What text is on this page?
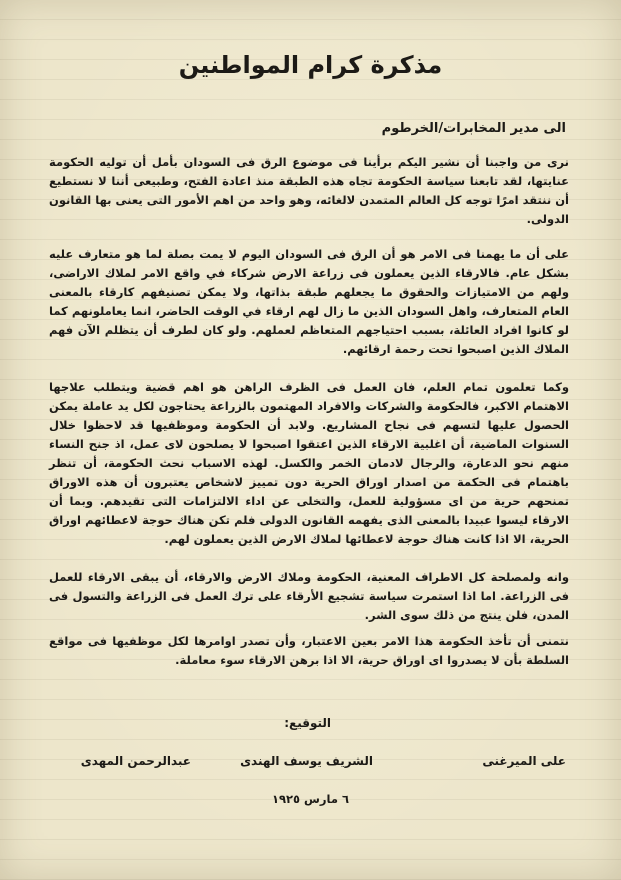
مذكرة كرام المواطنين

الى مدير المخابرات/الخرطوم

نرى من واجبنا أن نشير اليكم برأينا فى موضوع الرق فى السودان بأمل أن توليه الحكومة عنايتها، لقد تابعنا سياسة الحكومة تجاه هذه الطبقة منذ اعادة الفتح، وطبيعى أننا لا نستطيع أن ننتقد امرًا توجه كل العالم المتمدن لالغائه، وهو واحد من اهم الأمور التى يعنى بها القانون الدولى.

على أن ما يهمنا فى الامر هو أن الرق فى السودان اليوم لا يمت بصلة لما هو متعارف عليه بشكل عام. فالارقاء الذين يعملون فى زراعة الارض شركاء في واقع الامر لملاك الاراضى، ولهم من الامتيازات والحقوق ما يجعلهم طبقة بذاتها، ولا يمكن تصنيفهم كارقاء بالمعنى العام المتعارف، واهل السودان الذين ما زال لهم ارقاء في الوقت الحاضر، انما يعاملونهم كما لو كانوا افراد العائلة، بسبب احتياجهم المتعاظم لعملهم. ولو كان لطرف أن يتظلم الآن فهم الملاك الذين اصبحوا تحت رحمة ارقائهم.

وكما تعلمون تمام العلم، فان العمل فى الظرف الراهن هو اهم قضية ويتطلب علاجها الاهتمام الاكبر، فالحكومة والشركات والافراد المهتمون بالزراعة يحتاجون لكل يد عاملة يمكن الحصول عليها لتسهم فى نجاح المشاريع. ولابد أن الحكومة وموظفيها قد لاحظوا خلال السنوات الماضية، أن اغلبية الارقاء الذين اعتقوا اصبحوا لا يصلحون لاى عمل، اذ جنح النساء منهم نحو الدعارة، والرجال لادمان الخمر والكسل. لهذه الاسباب نحث الحكومة، أن تنظر باهتمام فى الحكمة من اصدار اوراق الحرية دون تمييز لاشخاص يعتبرون أن هذه الاوراق تمنحهم حرية من اى مسؤولية للعمل، والتخلى عن اداء الالتزامات التى تقيدهم. وبما أن الارقاء ليسوا عبيدا بالمعنى الذى يفهمه القانون الدولى فلم تكن هناك حوجة لاعطائهم اوراق الحرية، الا اذا كانت هناك حوجة لاعطائها لملاك الارض الذين يعملون لهم.

وانه ولمصلحة كل الاطراف المعنية، الحكومة وملاك الارض والارقاء، أن يبقى الارقاء للعمل فى الزراعة. اما اذا استمرت سياسة تشجيع الأرقاء على ترك العمل فى الزراعة والتسول فى المدن، فلن ينتج من ذلك سوى الشر.

نتمنى أن تأخذ الحكومة هذا الامر بعين الاعتبار، وأن تصدر اوامرها لكل موظفيها فى مواقع السلطة بأن لا يصدروا اى اوراق حرية، الا اذا برهن الارقاء سوء معاملة.

التوقيع:

على الميرغنى

الشريف يوسف الهندى

عبدالرحمن المهدى

٦ مارس ١٩٢٥
